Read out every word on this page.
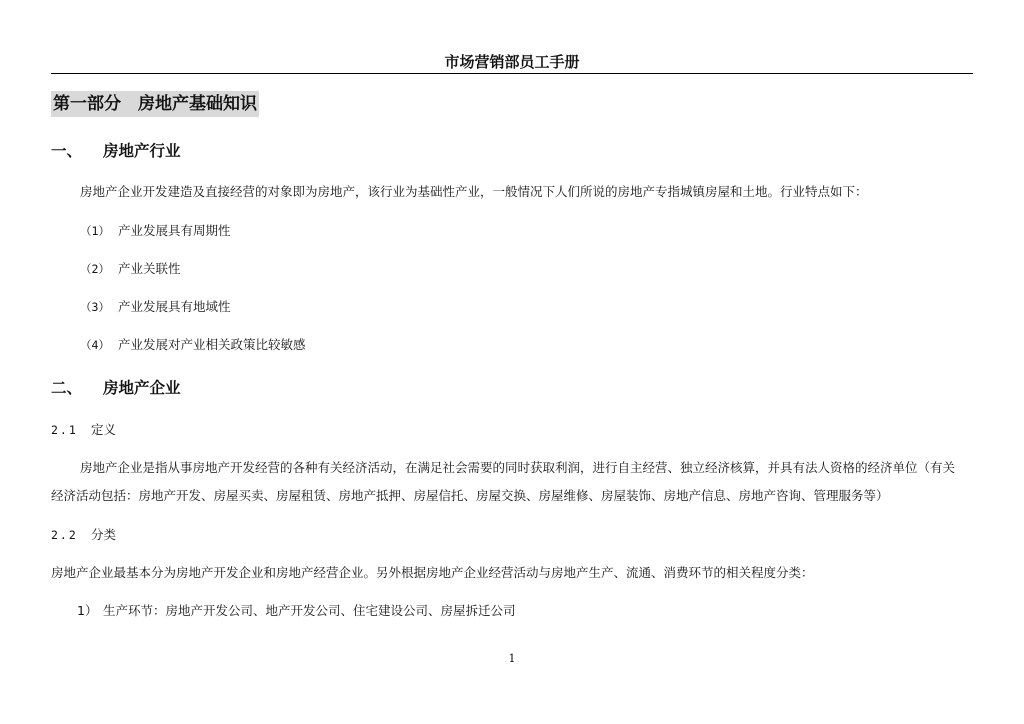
市场营销部员工手册
第一部分　房地产基础知识
一、 房地产行业
房地产企业开发建造及直接经营的对象即为房地产，该行业为基础性产业，一般情况下人们所说的房地产专指城镇房屋和土地。行业特点如下：
（1） 产业发展具有周期性
（2） 产业关联性
（3） 产业发展具有地域性
（4） 产业发展对产业相关政策比较敏感
二、 房地产企业
2.1 定义
房地产企业是指从事房地产开发经营的各种有关经济活动，在满足社会需要的同时获取利润，进行自主经营、独立经济核算，并具有法人资格的经济单位（有关
经济活动包括：房地产开发、房屋买卖、房屋租赁、房地产抵押、房屋信托、房屋交换、房屋维修、房屋装饰、房地产信息、房地产咨询、管理服务等）
2.2 分类
房地产企业最基本分为房地产开发企业和房地产经营企业。另外根据房地产企业经营活动与房地产生产、流通、消费环节的相关程度分类：
1） 生产环节：房地产开发公司、地产开发公司、住宅建设公司、房屋拆迁公司
1
